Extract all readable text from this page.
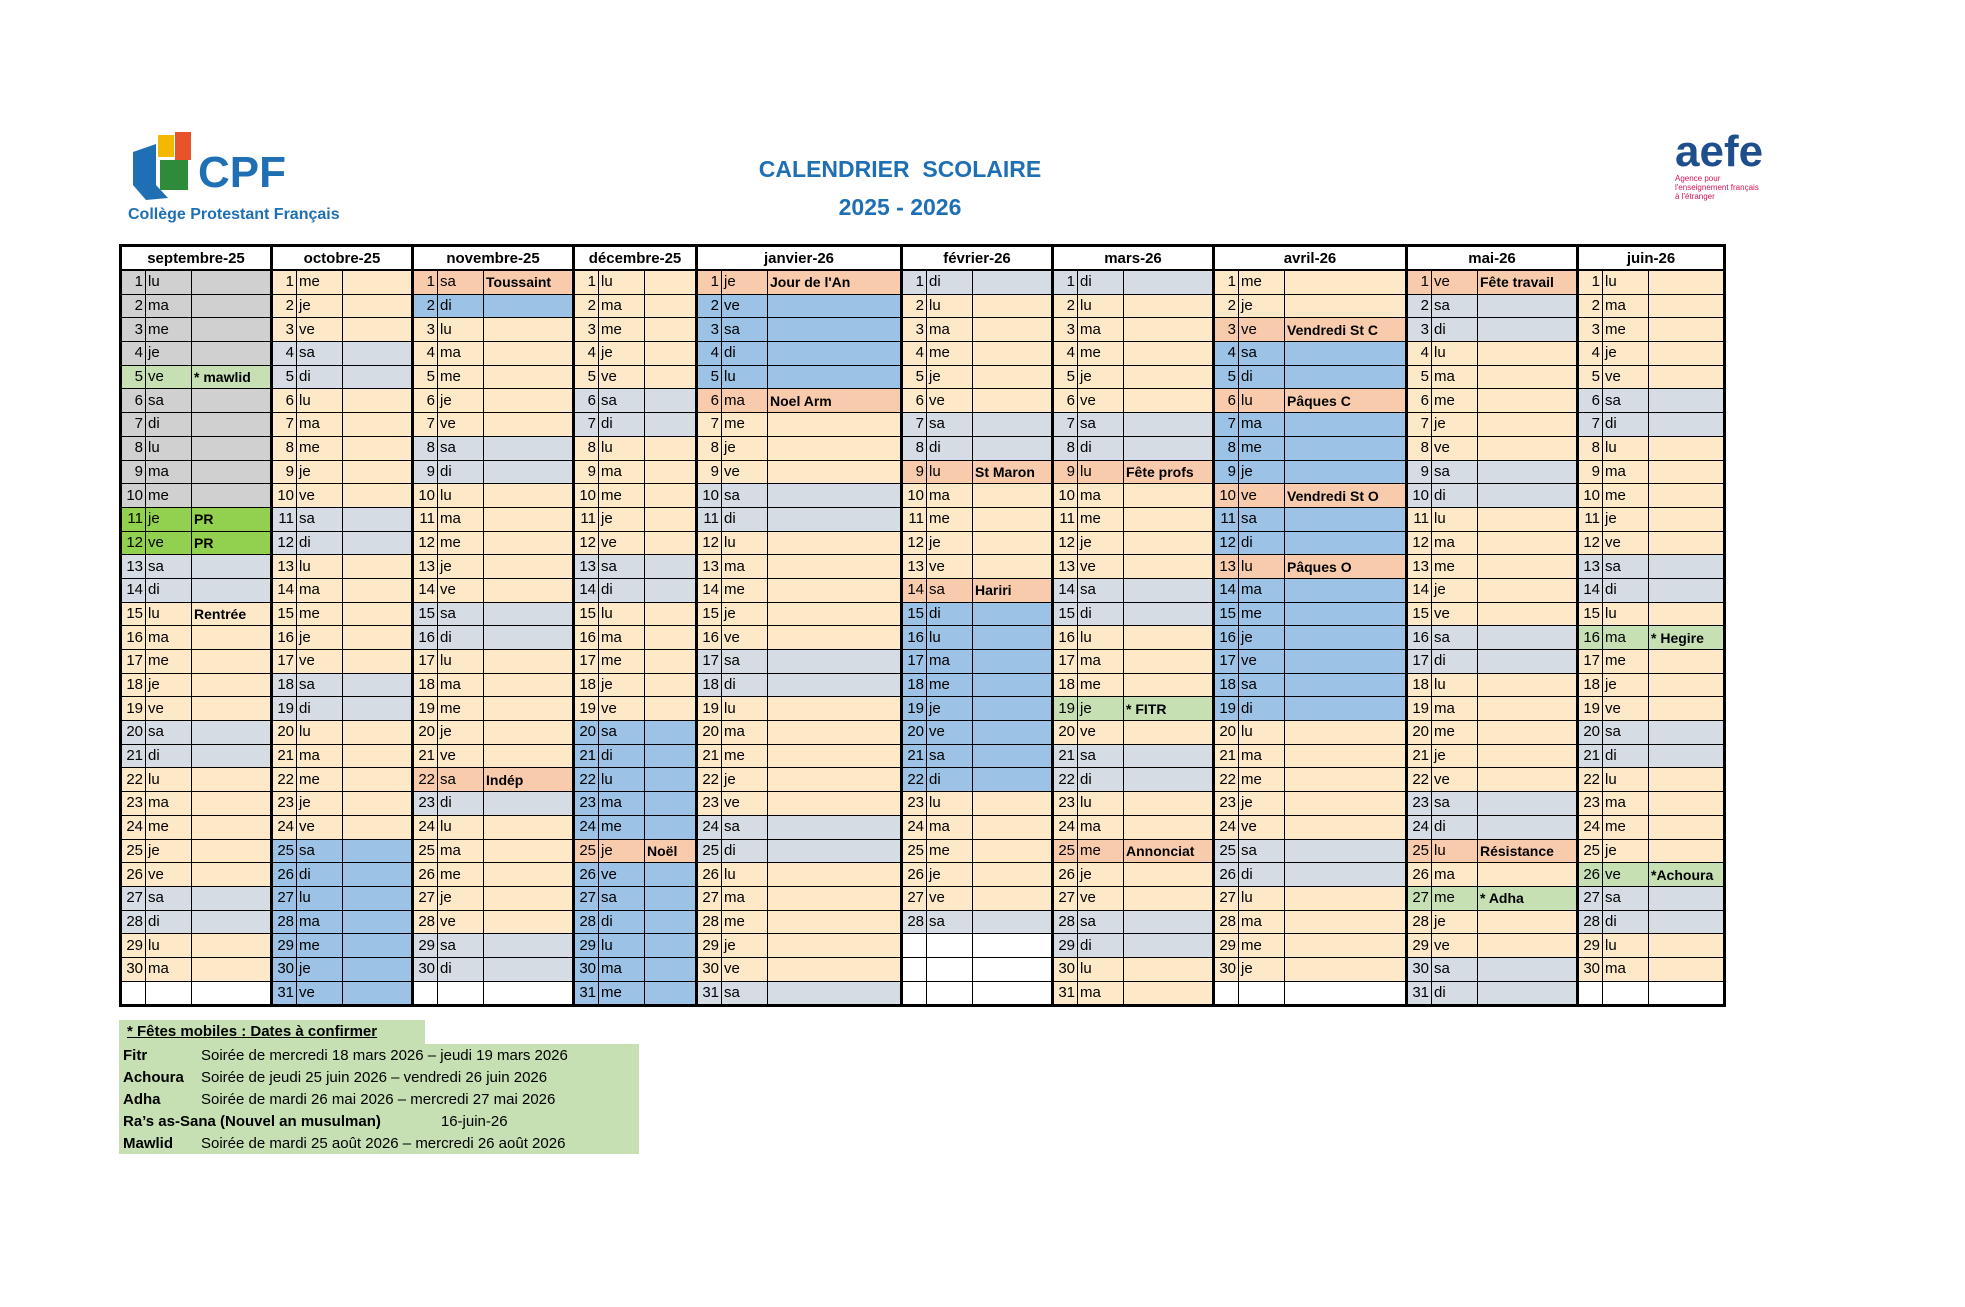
CPF
Collège Protestant Français
aefe
Agence pour
l'enseignement français
à l'étranger
CALENDRIER  SCOLAIRE
2025 - 2026
septembre-25			octobre-25			novembre-25			décembre-25			janvier-26			février-26			mars-26			avril-26			mai-26			juin-26		
1	lu		1	me		1	sa	Toussaint	1	lu		1	je	Jour de l'An	1	di		1	di		1	me		1	ve	Fête travail	1	lu	
2	ma		2	je		2	di		2	ma		2	ve		2	lu		2	lu		2	je		2	sa		2	ma	
3	me		3	ve		3	lu		3	me		3	sa		3	ma		3	ma		3	ve	Vendredi St C	3	di		3	me	
4	je		4	sa		4	ma		4	je		4	di		4	me		4	me		4	sa		4	lu		4	je	
5	ve	* mawlid	5	di		5	me		5	ve		5	lu		5	je		5	je		5	di		5	ma		5	ve	
6	sa		6	lu		6	je		6	sa		6	ma	Noel Arm	6	ve		6	ve		6	lu	Pâques C	6	me		6	sa	
7	di		7	ma		7	ve		7	di		7	me		7	sa		7	sa		7	ma		7	je		7	di	
8	lu		8	me		8	sa		8	lu		8	je		8	di		8	di		8	me		8	ve		8	lu	
9	ma		9	je		9	di		9	ma		9	ve		9	lu	St Maron	9	lu	Fête profs	9	je		9	sa		9	ma	
10	me		10	ve		10	lu		10	me		10	sa		10	ma		10	ma		10	ve	Vendredi St O	10	di		10	me	
11	je	PR	11	sa		11	ma		11	je		11	di		11	me		11	me		11	sa		11	lu		11	je	
12	ve	PR	12	di		12	me		12	ve		12	lu		12	je		12	je		12	di		12	ma		12	ve	
13	sa		13	lu		13	je		13	sa		13	ma		13	ve		13	ve		13	lu	Pâques O	13	me		13	sa	
14	di		14	ma		14	ve		14	di		14	me		14	sa	Hariri	14	sa		14	ma		14	je		14	di	
15	lu	Rentrée	15	me		15	sa		15	lu		15	je		15	di		15	di		15	me		15	ve		15	lu	
16	ma		16	je		16	di		16	ma		16	ve		16	lu		16	lu		16	je		16	sa		16	ma	* Hegire
17	me		17	ve		17	lu		17	me		17	sa		17	ma		17	ma		17	ve		17	di		17	me	
18	je		18	sa		18	ma		18	je		18	di		18	me		18	me		18	sa		18	lu		18	je	
19	ve		19	di		19	me		19	ve		19	lu		19	je		19	je	* FITR	19	di		19	ma		19	ve	
20	sa		20	lu		20	je		20	sa		20	ma		20	ve		20	ve		20	lu		20	me		20	sa	
21	di		21	ma		21	ve		21	di		21	me		21	sa		21	sa		21	ma		21	je		21	di	
22	lu		22	me		22	sa	Indép	22	lu		22	je		22	di		22	di		22	me		22	ve		22	lu	
23	ma		23	je		23	di		23	ma		23	ve		23	lu		23	lu		23	je		23	sa		23	ma	
24	me		24	ve		24	lu		24	me		24	sa		24	ma		24	ma		24	ve		24	di		24	me	
25	je		25	sa		25	ma		25	je	Noël	25	di		25	me		25	me	Annonciat	25	sa		25	lu	Résistance	25	je	
26	ve		26	di		26	me		26	ve		26	lu		26	je		26	je		26	di		26	ma		26	ve	*Achoura
27	sa		27	lu		27	je		27	sa		27	ma		27	ve		27	ve		27	lu		27	me	* Adha	27	sa	
28	di		28	ma		28	ve		28	di		28	me		28	sa		28	sa		28	ma		28	je		28	di	
29	lu		29	me		29	sa		29	lu		29	je					29	di		29	me		29	ve		29	lu	
30	ma		30	je		30	di		30	ma		30	ve					30	lu		30	je		30	sa		30	ma	
			31	ve					31	me		31	sa					31	ma					31	di				
* Fêtes mobiles : Dates à confirmer
Fitr	Soirée de mercredi 18 mars 2026 – jeudi 19 mars 2026
Achoura	Soirée de jeudi 25 juin 2026 – vendredi 26 juin 2026
Adha	Soirée de mardi 26 mai 2026 – mercredi 27 mai 2026
Ra’s as-Sana (Nouvel an musulman) 16-juin-26	
Mawlid	Soirée de mardi 25 août 2026 – mercredi 26 août 2026
